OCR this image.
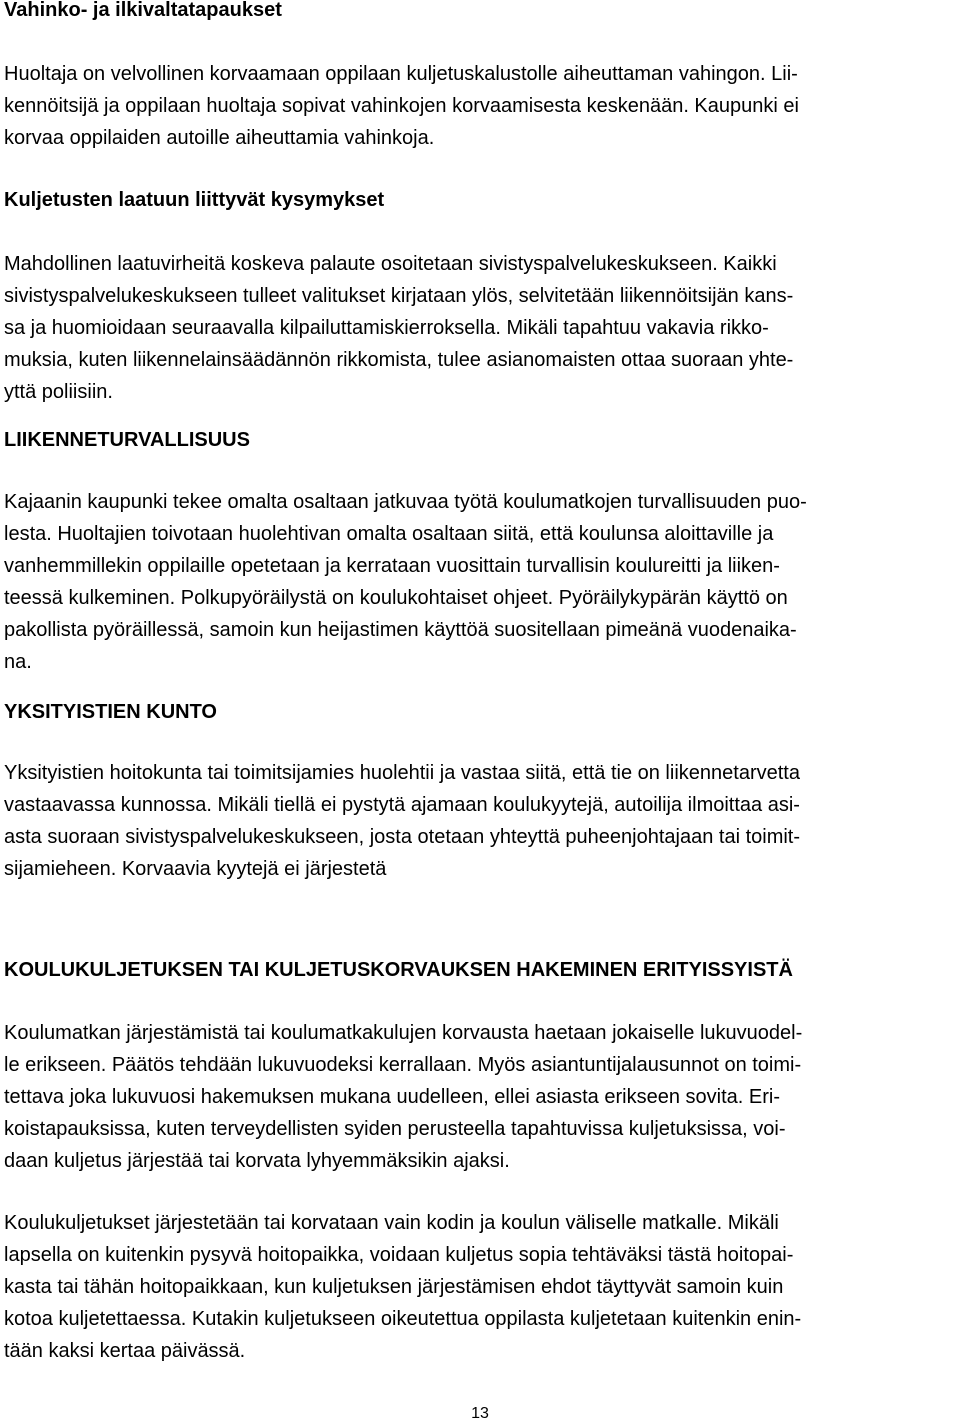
Vahinko- ja ilkivaltatapaukset
Huoltaja on velvollinen korvaamaan oppilaan kuljetuskalustolle aiheuttaman vahingon. Lii-
kennöitsijä ja oppilaan huoltaja sopivat vahinkojen korvaamisesta keskenään. Kaupunki ei
korvaa oppilaiden autoille aiheuttamia vahinkoja.
Kuljetusten laatuun liittyvät kysymykset
Mahdollinen laatuvirheitä koskeva palaute osoitetaan sivistyspalvelukeskukseen. Kaikki
sivistyspalvelukeskukseen tulleet valitukset kirjataan ylös, selvitetään liikennöitsijän kans-
sa ja huomioidaan seuraavalla kilpailuttamiskierroksella. Mikäli tapahtuu vakavia rikko-
muksia, kuten liikennelainsäädännön rikkomista, tulee asianomaisten ottaa suoraan yhte-
yttä poliisiin.
LIIKENNETURVALLISUUS
Kajaanin kaupunki tekee omalta osaltaan jatkuvaa työtä koulumatkojen turvallisuuden puo-
lesta. Huoltajien toivotaan huolehtivan omalta osaltaan siitä, että koulunsa aloittaville ja
vanhemmillekin oppilaille opetetaan ja kerrataan vuosittain turvallisin koulureitti ja liiken-
teessä kulkeminen. Polkupyöräilystä on koulukohtaiset ohjeet. Pyöräilykypärän käyttö on
pakollista pyöräillessä, samoin kun heijastimen käyttöä suositellaan pimeänä vuodenaika-
na.
YKSITYISTIEN KUNTO
Yksityistien hoitokunta tai toimitsijamies huolehtii ja vastaa siitä, että tie on liikennetarvetta
vastaavassa kunnossa. Mikäli tiellä ei pystytä ajamaan koulukyytejä, autoilija ilmoittaa asi-
asta suoraan sivistyspalvelukeskukseen, josta otetaan yhteyttä puheenjohtajaan tai toimit-
sijamieheen. Korvaavia kyytejä ei järjestetä
KOULUKULJETUKSEN TAI KULJETUSKORVAUKSEN HAKEMINEN ERITYISSYISTÄ
Koulumatkan järjestämistä tai koulumatkakulujen korvausta haetaan jokaiselle lukuvuodel-
le erikseen. Päätös tehdään lukuvuodeksi kerrallaan. Myös asiantuntijalausunnot on toimi-
tettava joka lukuvuosi hakemuksen mukana uudelleen, ellei asiasta erikseen sovita. Eri-
koistapauksissa, kuten terveydellisten syiden perusteella tapahtuvissa kuljetuksissa, voi-
daan kuljetus järjestää tai korvata lyhyemmäksikin ajaksi.
Koulukuljetukset järjestetään tai korvataan vain kodin ja koulun väliselle matkalle. Mikäli
lapsella on kuitenkin pysyvä hoitopaikka, voidaan kuljetus sopia tehtäväksi tästä hoitopai-
kasta tai tähän hoitopaikkaan, kun kuljetuksen järjestämisen ehdot täyttyvät samoin kuin
kotoa kuljetettaessa. Kutakin kuljetukseen oikeutettua oppilasta kuljetetaan kuitenkin enin-
tään kaksi kertaa päivässä.
13
